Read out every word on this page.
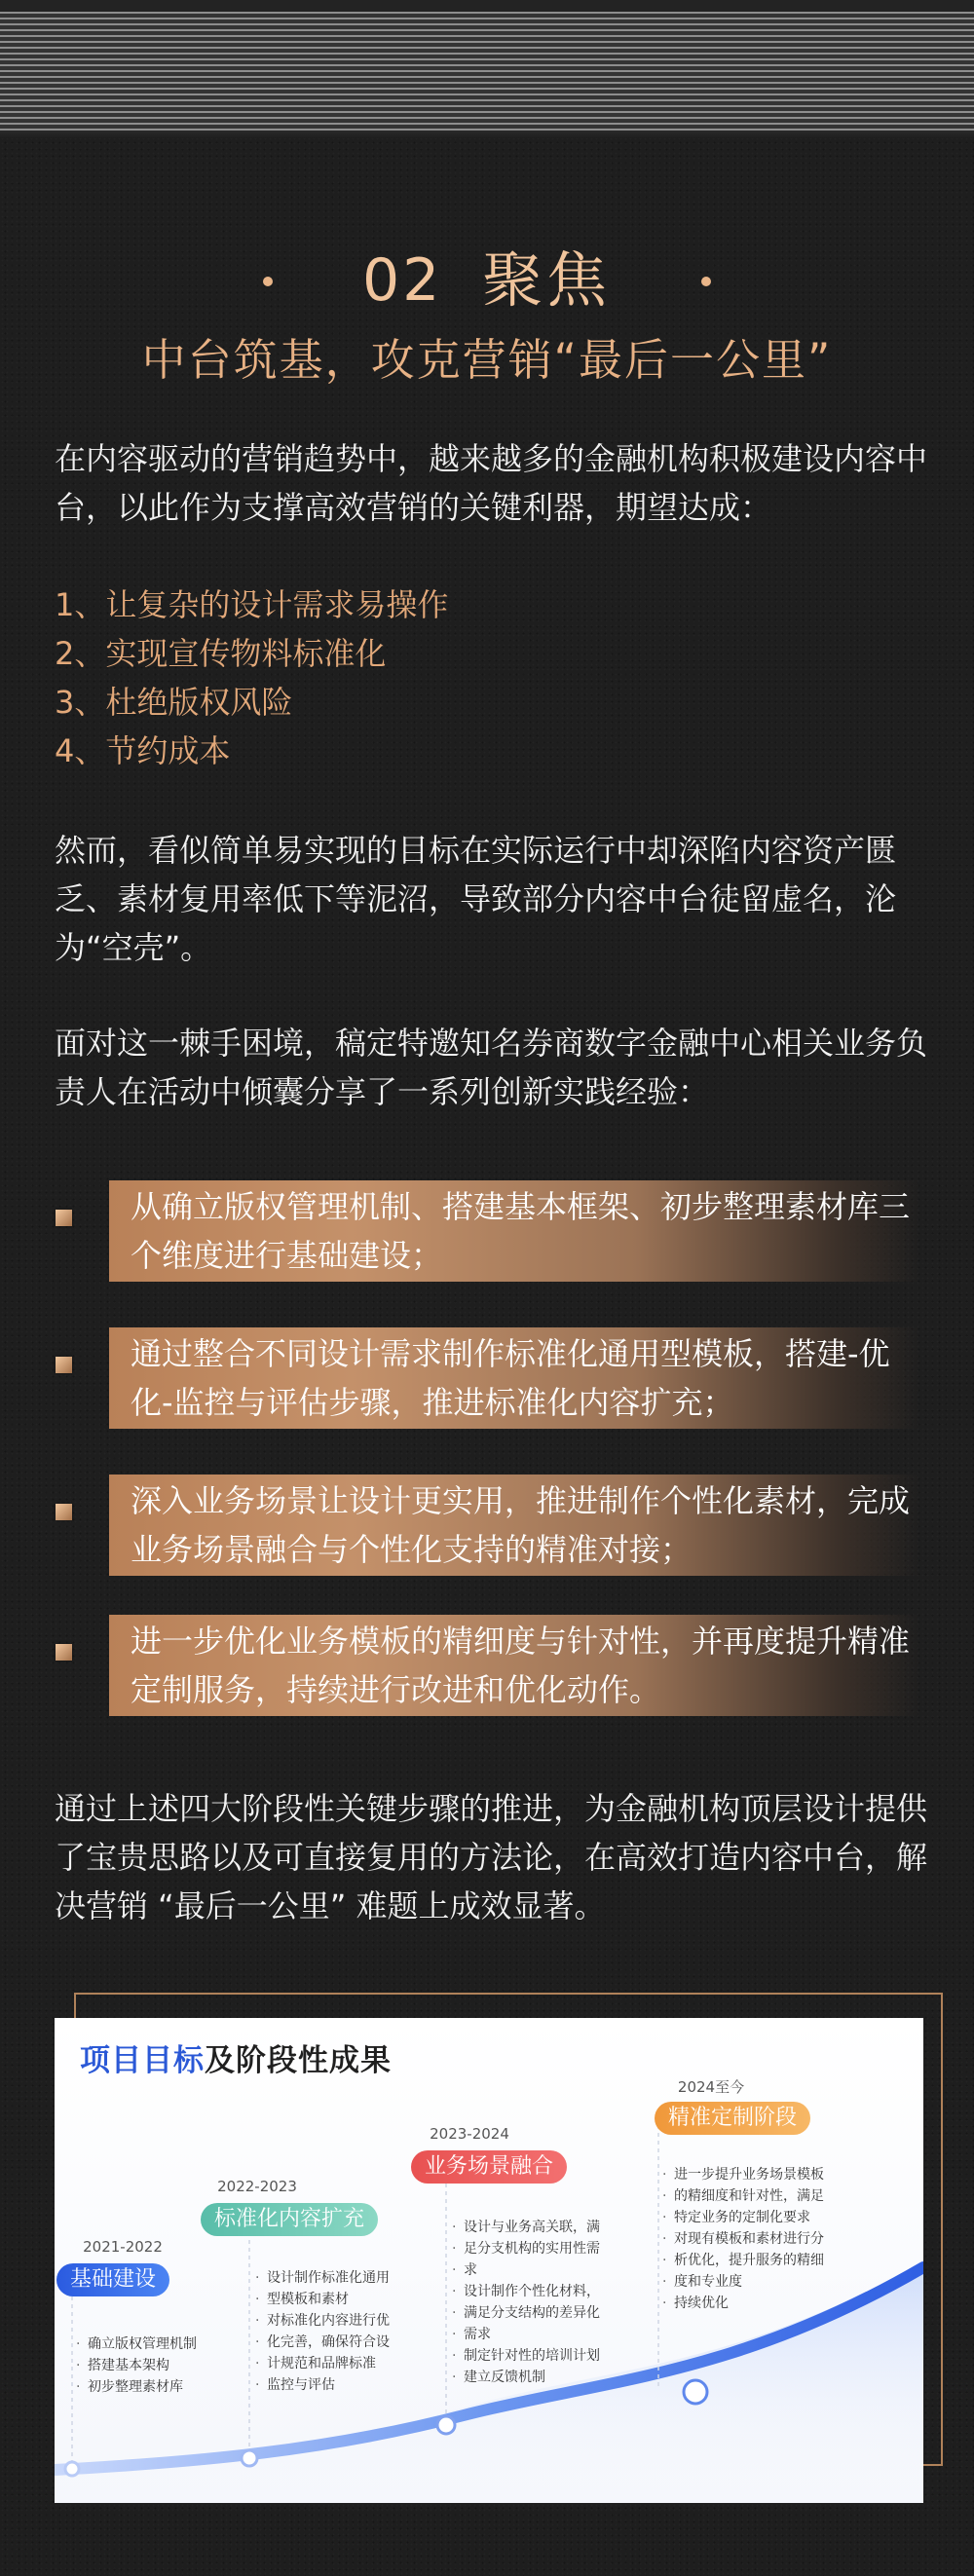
02 聚焦
中台筑基，攻克营销“最后一公里”
在内容驱动的营销趋势中，越来越多的金融机构积极建设内容中台，以此作为支撑高效营销的关键利器，期望达成：
1、让复杂的设计需求易操作
2、实现宣传物料标准化
3、杜绝版权风险
4、节约成本
然而，看似简单易实现的目标在实际运行中却深陷内容资产匮乏、素材复用率低下等泥沼，导致部分内容中台徒留虚名，沦为“空壳”。
面对这一棘手困境，稿定特邀知名券商数字金融中心相关业务负责人在活动中倾囊分享了一系列创新实践经验：
从确立版权管理机制、搭建基本框架、初步整理素材库三个维度进行基础建设；
通过整合不同设计需求制作标准化通用型模板，搭建-优化-监控与评估步骤，推进标准化内容扩充；
深入业务场景让设计更实用，推进制作个性化素材，完成业务场景融合与个性化支持的精准对接；
进一步优化业务模板的精细度与针对性，并再度提升精准定制服务，持续进行改进和优化动作。
通过上述四大阶段性关键步骤的推进，为金融机构顶层设计提供了宝贵思路以及可直接复用的方法论，在高效打造内容中台，解决营销 “最后一公里” 难题上成效显著。
项目目标及阶段性成果
2021-2022
基础建设
· 确立版权管理机制
· 搭建基本架构
· 初步整理素材库
2022-2023
标准化内容扩充
· 设计制作标准化通用
· 型模板和素材
· 对标准化内容进行优
· 化完善，确保符合设
· 计规范和品牌标准
· 监控与评估
2023-2024
业务场景融合
· 设计与业务高关联，满
· 足分支机构的实用性需
· 求
· 设计制作个性化材料，
· 满足分支结构的差异化
· 需求
· 制定针对性的培训计划
· 建立反馈机制
2024至今
精准定制阶段
· 进一步提升业务场景模板
· 的精细度和针对性，满足
· 特定业务的定制化要求
· 对现有模板和素材进行分
· 析优化，提升服务的精细
· 度和专业度
· 持续优化
